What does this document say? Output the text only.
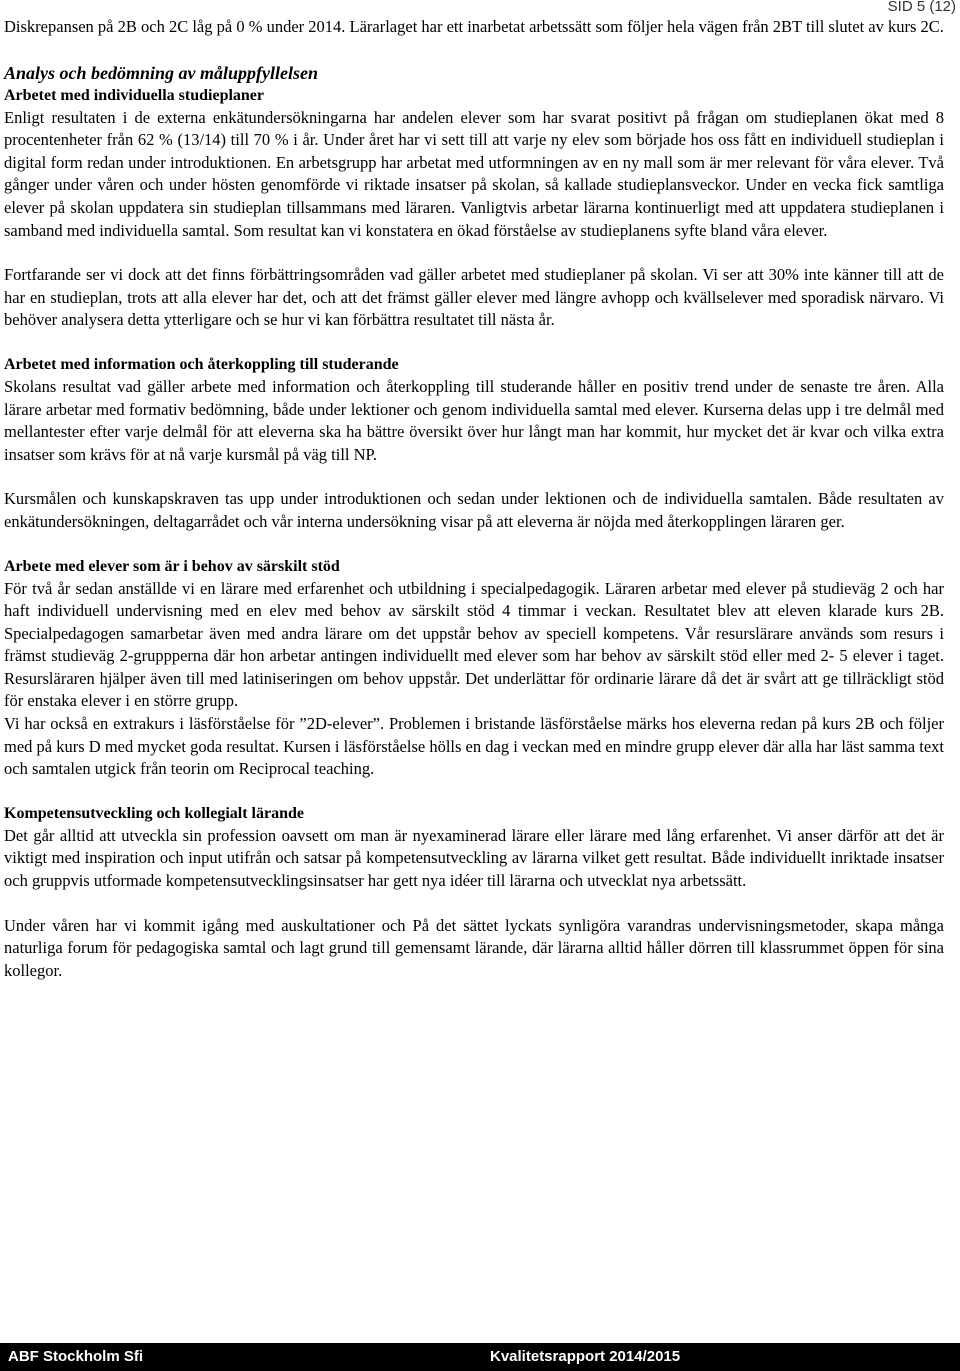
SID 5 (12)

Diskrepansen på 2B och 2C låg på 0 % under 2014. Lärarlaget har ett inarbetat arbetssätt som följer hela vägen från 2BT till slutet av kurs 2C.

Analys och bedömning av måluppfyllelsen
Arbetet med individuella studieplaner

Enligt resultaten i de externa enkätundersökningarna har andelen elever som har svarat positivt på frågan om studieplanen ökat med 8 procentenheter från 62 % (13/14) till 70 % i år. Under året har vi sett till att varje ny elev som började hos oss fått en individuell studieplan i digital form redan under introduktionen. En arbetsgrupp har arbetat med utformningen av en ny mall som är mer relevant för våra elever. Två gånger under våren och under hösten genomförde vi riktade insatser på skolan, så kallade studieplansveckor. Under en vecka fick samtliga elever på skolan uppdatera sin studieplan tillsammans med läraren. Vanligtvis arbetar lärarna kontinuerligt med att uppdatera studieplanen i samband med individuella samtal. Som resultat kan vi konstatera en ökad förståelse av studieplanens syfte bland våra elever.

Fortfarande ser vi dock att det finns förbättringsområden vad gäller arbetet med studieplaner på skolan. Vi ser att 30% inte känner till att de har en studieplan, trots att alla elever har det, och att det främst gäller elever med längre avhopp och kvällselever med sporadisk närvaro. Vi behöver analysera detta ytterligare och se hur vi kan förbättra resultatet till nästa år.

Arbetet med information och återkoppling till studerande

Skolans resultat vad gäller arbete med information och återkoppling till studerande håller en positiv trend under de senaste tre åren. Alla lärare arbetar med formativ bedömning, både under lektioner och genom individuella samtal med elever. Kurserna delas upp i tre delmål med mellantester efter varje delmål för att eleverna ska ha bättre översikt över hur långt man har kommit, hur mycket det är kvar och vilka extra insatser som krävs för at nå varje kursmål på väg till NP.

Kursmålen och kunskapskraven tas upp under introduktionen och sedan under lektionen och de individuella samtalen. Både resultaten av enkätundersökningen, deltagarrådet och vår interna undersökning visar på att eleverna är nöjda med återkopplingen läraren ger.

Arbete med elever som är i behov av särskilt stöd

För två år sedan anställde vi en lärare med erfarenhet och utbildning i specialpedagogik. Läraren arbetar med elever på studieväg 2 och har haft individuell undervisning med en elev med behov av särskilt stöd 4 timmar i veckan. Resultatet blev att eleven klarade kurs 2B. Specialpedagogen samarbetar även med andra lärare om det uppstår behov av speciell kompetens. Vår resurslärare används som resurs i främst studieväg 2-gruppperna där hon arbetar antingen individuellt med elever som har behov av särskilt stöd eller med 2- 5 elever i taget. Resursläraren hjälper även till med latiniseringen om behov uppstår. Det underlättar för ordinarie lärare då det är svårt att ge tillräckligt stöd för enstaka elever i en större grupp.

Vi har också en extrakurs i läsförståelse för ”2D-elever”. Problemen i bristande läsförståelse märks hos eleverna redan på kurs 2B och följer med på kurs D med mycket goda resultat. Kursen i läsförståelse hölls en dag i veckan med en mindre grupp elever där alla har läst samma text och samtalen utgick från teorin om Reciprocal teaching.

Kompetensutveckling och kollegialt lärande

Det går alltid att utveckla sin profession oavsett om man är nyexaminerad lärare eller lärare med lång erfarenhet. Vi anser därför att det är viktigt med inspiration och input utifrån och satsar på kompetensutveckling av lärarna vilket gett resultat. Både individuellt inriktade insatser och gruppvis utformade kompetensutvecklingsinsatser har gett nya idéer till lärarna och utvecklat nya arbetssätt.

Under våren har vi kommit igång med auskultationer och På det sättet lyckats synligöra varandras undervisningsmetoder, skapa många naturliga forum för pedagogiska samtal och lagt grund till gemensamt lärande, där lärarna alltid håller dörren till klassrummet öppen för sina kollegor.

ABF Stockholm Sfi	Kvalitetsrapport 2014/2015
